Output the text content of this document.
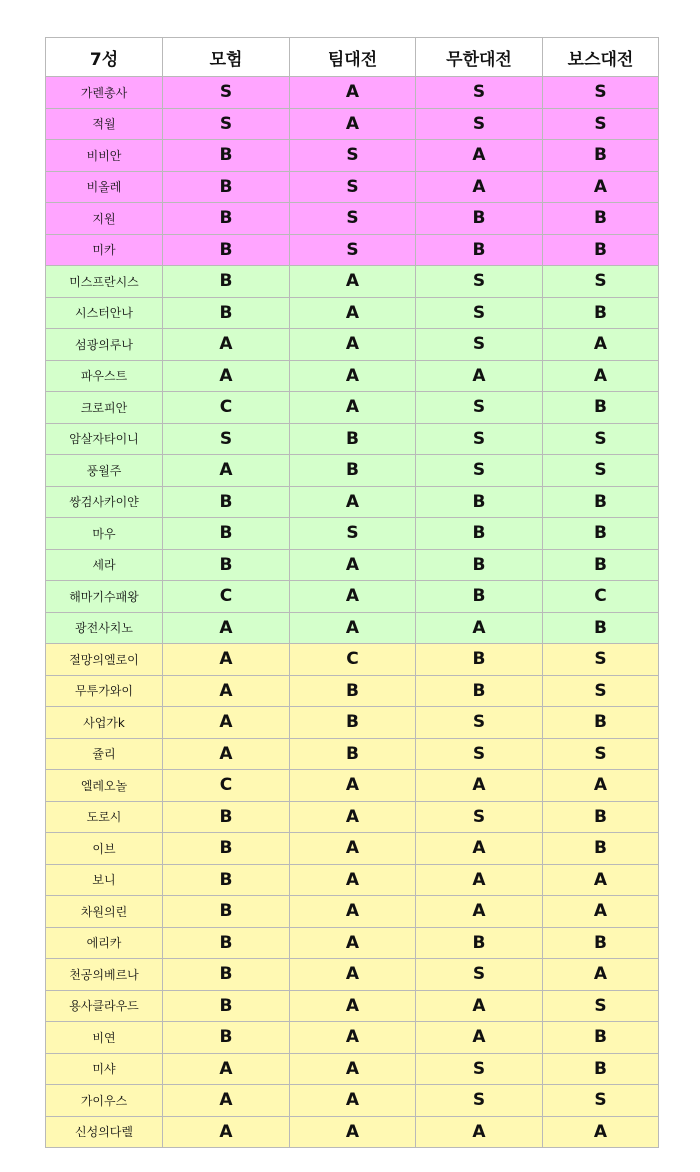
7성	모험	팀대전	무한대전	보스대전
가렌총사	S	A	S	S
적월	S	A	S	S
비비안	B	S	A	B
비올레	B	S	A	A
지원	B	S	B	B
미카	B	S	B	B
미스프란시스	B	A	S	S
시스터안나	B	A	S	B
섬광의루나	A	A	S	A
파우스트	A	A	A	A
크로피안	C	A	S	B
암살자타이니	S	B	S	S
풍월주	A	B	S	S
쌍검사카이얀	B	A	B	B
마우	B	S	B	B
세라	B	A	B	B
해마기수패왕	C	A	B	C
광전사치노	A	A	A	B
절망의엘로이	A	C	B	S
무투가와이	A	B	B	S
사업가k	A	B	S	B
쥴리	A	B	S	S
엘레오놀	C	A	A	A
도로시	B	A	S	B
이브	B	A	A	B
보니	B	A	A	A
차원의린	B	A	A	A
에리카	B	A	B	B
천공의베르나	B	A	S	A
용사클라우드	B	A	A	S
비연	B	A	A	B
미샤	A	A	S	B
가이우스	A	A	S	S
신성의다렐	A	A	A	A
